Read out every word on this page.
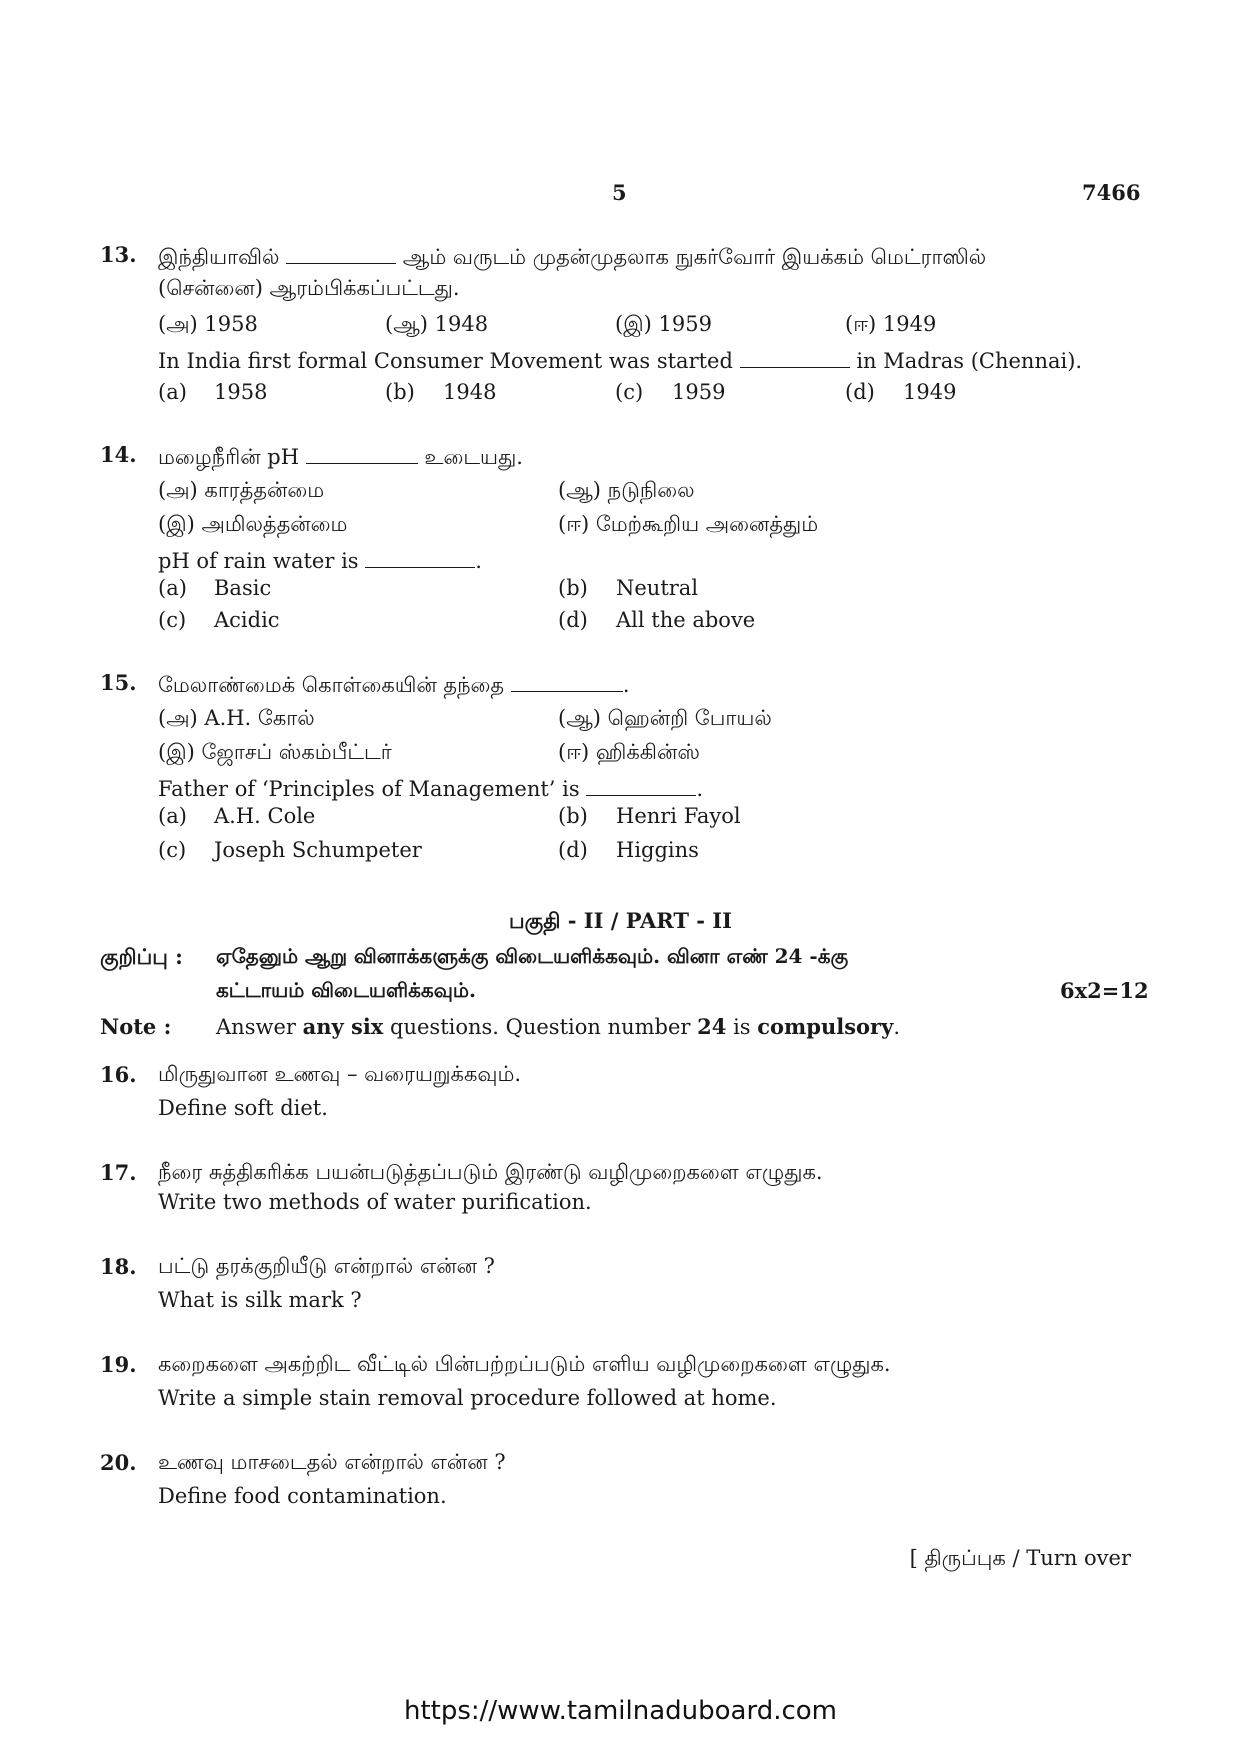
5	7466
13. இந்தியாவில்	ஆம் வருடம் முதன்முதலாக நுகர்வோர் இயக்கம் மெட்ராஸில்
(சென்னை) ஆரம்பிக்கப்பட்டது.
(அ) 1958	(ஆ) 1948	(இ) 1959	(ஈ) 1949
In India first formal Consumer Movement was started	in Madras (Chennai).
(a) 1958	(b) 1948	(c) 1959	(d) 1949
14. மழைநீரின் pH	உடையது.
(அ) காரத்தன்மை	(ஆ) நடுநிலை
(இ) அமிலத்தன்மை	(ஈ) மேற்கூறிய அனைத்தும்
pH of rain water is	.
(a) Basic	(b) Neutral
(c) Acidic	(d) All the above
15. மேலாண்மைக் கொள்கையின் தந்தை	.
(அ) A.H. கோல்	(ஆ) ஹென்றி போயல்
(இ) ஜோசப் ஸ்கம்பீட்டர்	(ஈ) ஹிக்கின்ஸ்
Father of ‘Principles of Management’ is	.
(a) A.H. Cole	(b) Henri Fayol
(c) Joseph Schumpeter	(d) Higgins
பகுதி - II / PART - II
குறிப்பு : ஏதேனும் ஆறு வினாக்களுக்கு விடையளிக்கவும். வினா எண் 24 -க்கு
கட்டாயம் விடையளிக்கவும்.	6x2=12
Note : Answer any six questions. Question number 24 is compulsory.
16. மிருதுவான உணவு – வரையறுக்கவும்.
Define soft diet.
17. நீரை சுத்திகரிக்க பயன்படுத்தப்படும் இரண்டு வழிமுறைகளை எழுதுக.
Write two methods of water purification.
18. பட்டு தரக்குறியீடு என்றால் என்ன ?
What is silk mark ?
19. கறைகளை அகற்றிட வீட்டில் பின்பற்றப்படும் எளிய வழிமுறைகளை எழுதுக.
Write a simple stain removal procedure followed at home.
20. உணவு மாசடைதல் என்றால் என்ன ?
Define food contamination.
[ திருப்புக / Turn over
https://www.tamilnaduboard.com
